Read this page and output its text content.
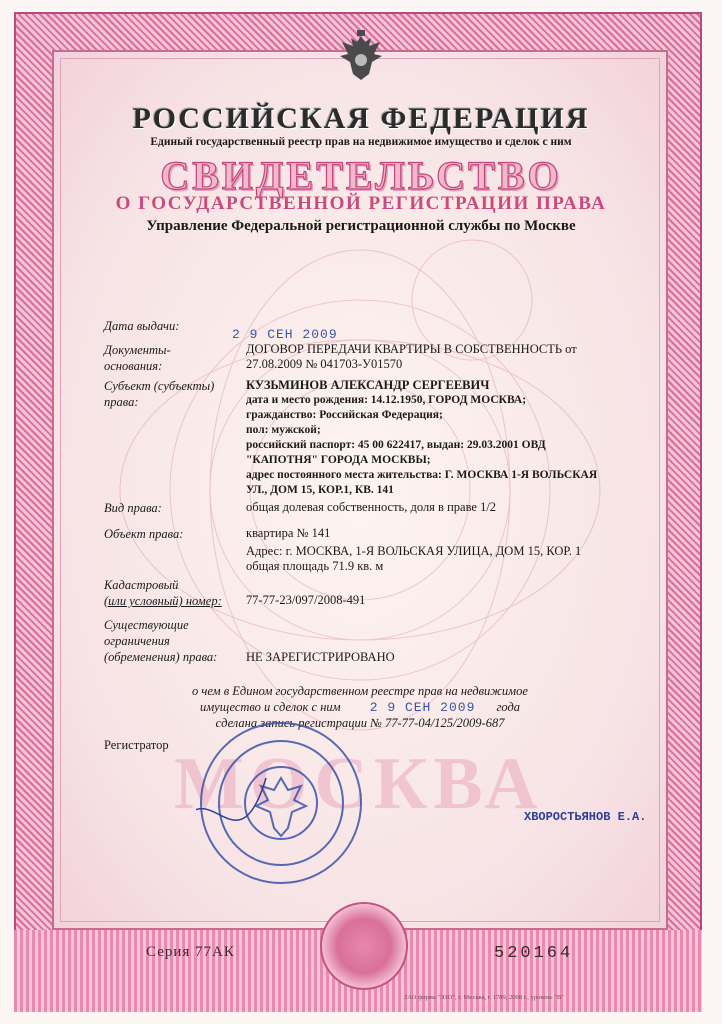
РОССИЙСКАЯ ФЕДЕРАЦИЯ
Единый государственный реестр прав на недвижимое имущество и сделок с ним
СВИДЕТЕЛЬСТВО
О ГОСУДАРСТВЕННОЙ РЕГИСТРАЦИИ ПРАВА
Управление Федеральной регистрационной службы по Москве
Дата выдачи:
2 9 СЕН 2009
Документы-
основания:
ДОГОВОР ПЕРЕДАЧИ КВАРТИРЫ В СОБСТВЕННОСТЬ от
27.08.2009 № 041703-У01570
Субъект (субъекты)
права:
КУЗЬМИНОВ АЛЕКСАНДР СЕРГЕЕВИЧ
дата и место рождения: 14.12.1950, ГОРОД МОСКВА;
гражданство: Российская Федерация;
пол: мужской;
российский паспорт: 45 00 622417, выдан: 29.03.2001 ОВД
"КАПОТНЯ" ГОРОДА МОСКВЫ;
адрес постоянного места жительства: Г. МОСКВА 1-Я ВОЛЬСКАЯ
УЛ., ДОМ 15, КОР.1, КВ. 141
Вид права:	общая долевая собственность, доля в праве 1/2
Объект права:	квартира № 141
Адрес: г. МОСКВА, 1-Я ВОЛЬСКАЯ УЛИЦА, ДОМ 15, КОР. 1
общая площадь 71.9 кв. м
Кадастровый
(или условный) номер: 77-77-23/097/2008-491
Существующие
ограничения
(обременения) права: НЕ ЗАРЕГИСТРИРОВАНО
о чем в Едином государственном реестре прав на недвижимое
имущество и сделок с ним 2 9 СЕН 2009 года
сделана запись регистрации № 77-77-04/125/2009-687
Регистратор МОСКВА
ХВОРОСТЬЯНОВ Е.А.
Серия 77АК	520164
ЗАО фирма "ЭЗО", г. Москва, г. 1789, 2008 г., уровень "В"
